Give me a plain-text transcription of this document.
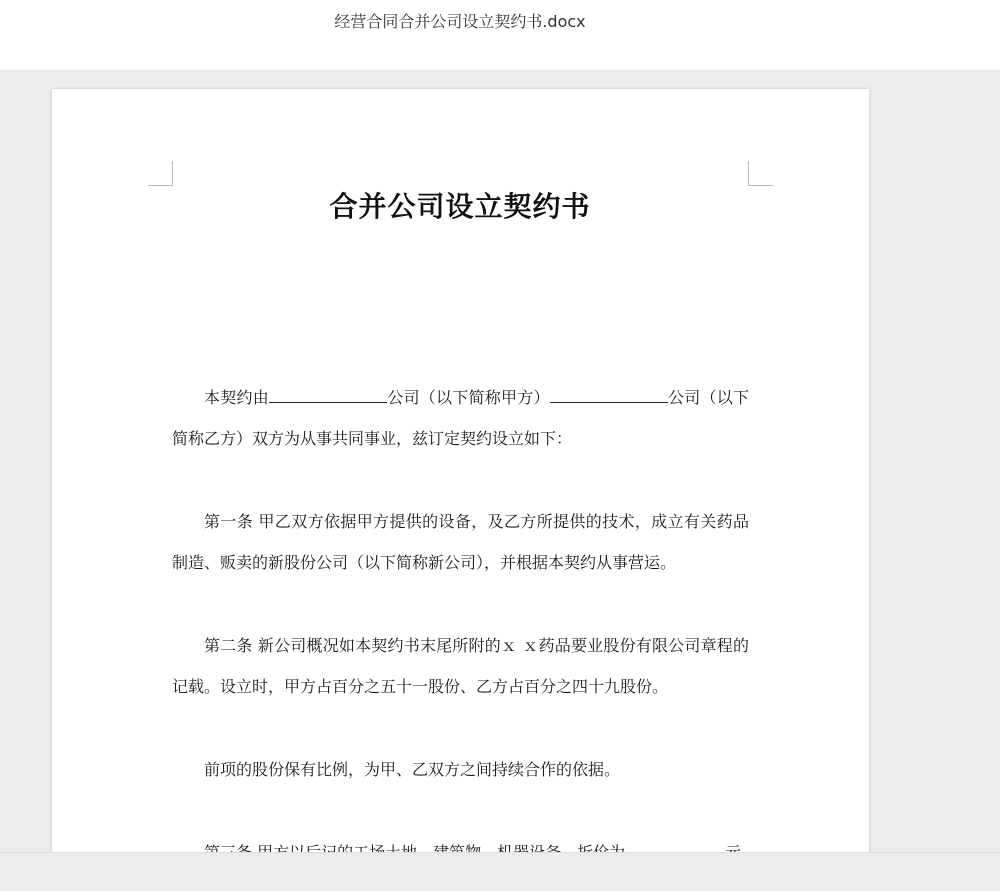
经营合同合并公司设立契约书.docx
合并公司设立契约书

本契约由	公司（以下简称甲方）	公司（以下简称乙方）双方为从事共同事业，兹订定契约设立如下：

第一条 甲乙双方依据甲方提供的设备，及乙方所提供的技术，成立有关药品制造、贩卖的新股份公司（以下简称新公司），并根据本契约从事营运。

第二条 新公司概况如本契约书末尾所附的ｘ ｘ药品要业股份有限公司章程的记载。设立时，甲方占百分之五十一股份、乙方占百分之四十九股份。

前项的股份保有比例，为甲、乙双方之间持续合作的依据。
